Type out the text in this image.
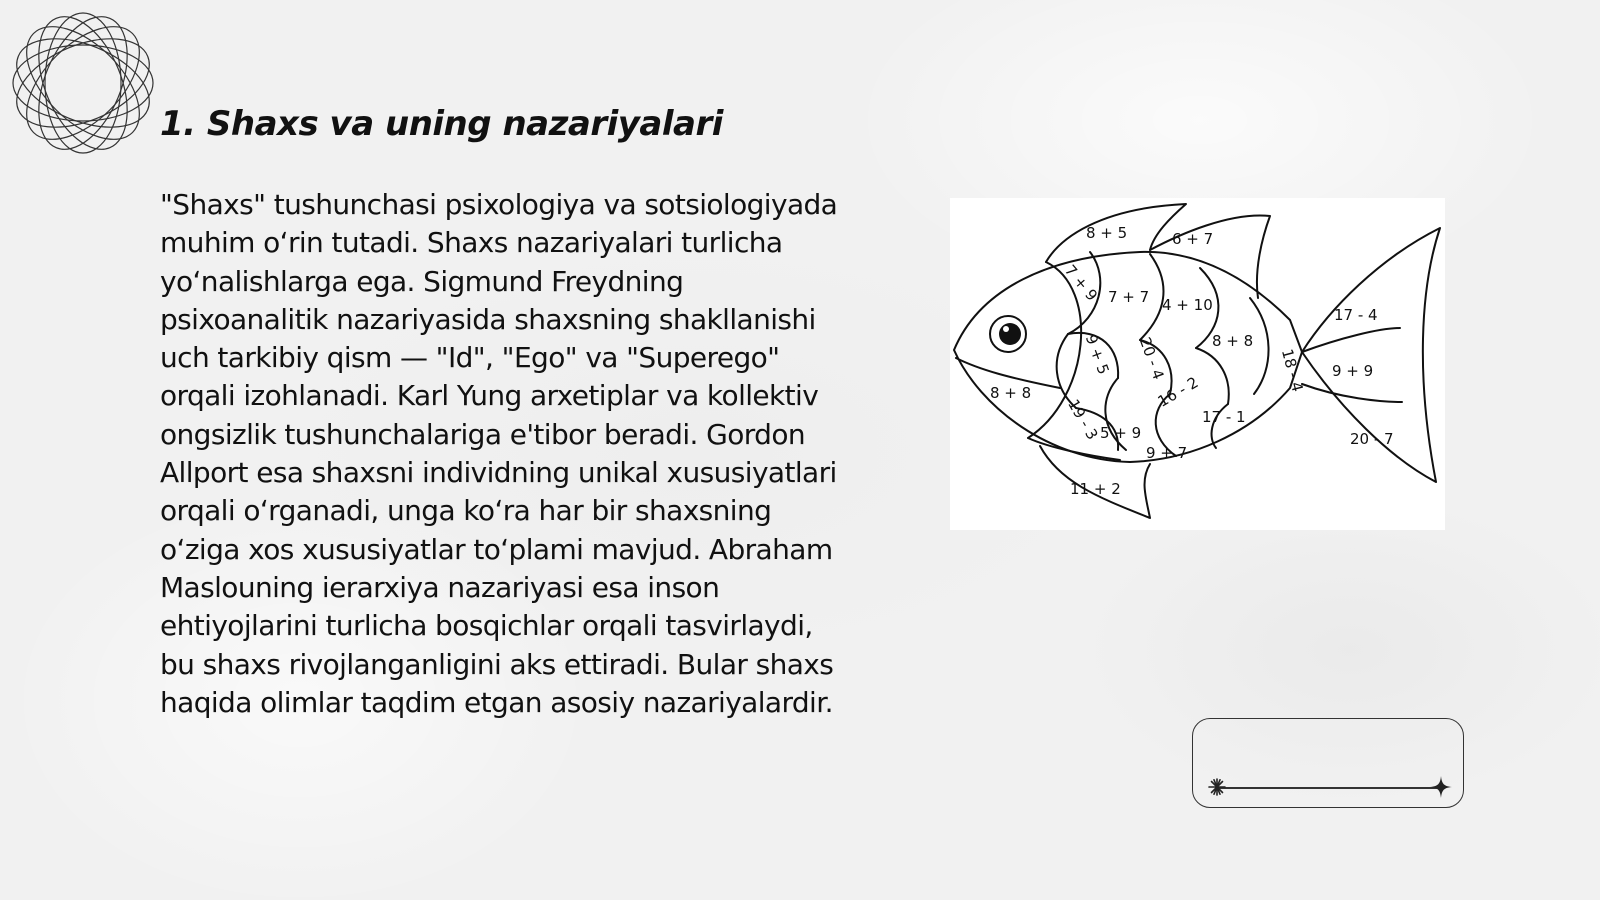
1. Shaxs va uning nazariyalari

"Shaxs" tushunchasi psixologiya va sotsiologiyada muhim oʻrin tutadi. Shaxs nazariyalari turlicha yoʻnalishlarga ega. Sigmund Freydning psixoanalitik nazariyasida shaxsning shakllanishi uch tarkibiy qism — "Id", "Ego" va "Superego" orqali izohlanadi. Karl Yung arxetiplar va kollektiv ongsizlik tushunchalariga e'tibor beradi. Gordon Allport esa shaxsni individning unikal xususiyatlari orqali oʻrganadi, unga koʻra har bir shaxsning oʻziga xos xususiyatlar toʻplami mavjud. Abraham Maslouning ierarxiya nazariyasi esa inson ehtiyojlarini turlicha bosqichlar orqali tasvirlaydi, bu shaxs rivojlanganligini aks ettiradi. Bular shaxs haqida olimlar taqdim etgan asosiy nazariyalardir.

8 + 5	6 + 7
7 + 9 7 + 7 4 + 10
9 + 5 20 - 4	8 + 8
16 - 2	18 - 4
17 - 1
5 + 9
9 + 7
19 - 3
8 + 8
11 + 2
17 - 4
9 + 9
20 - 7
